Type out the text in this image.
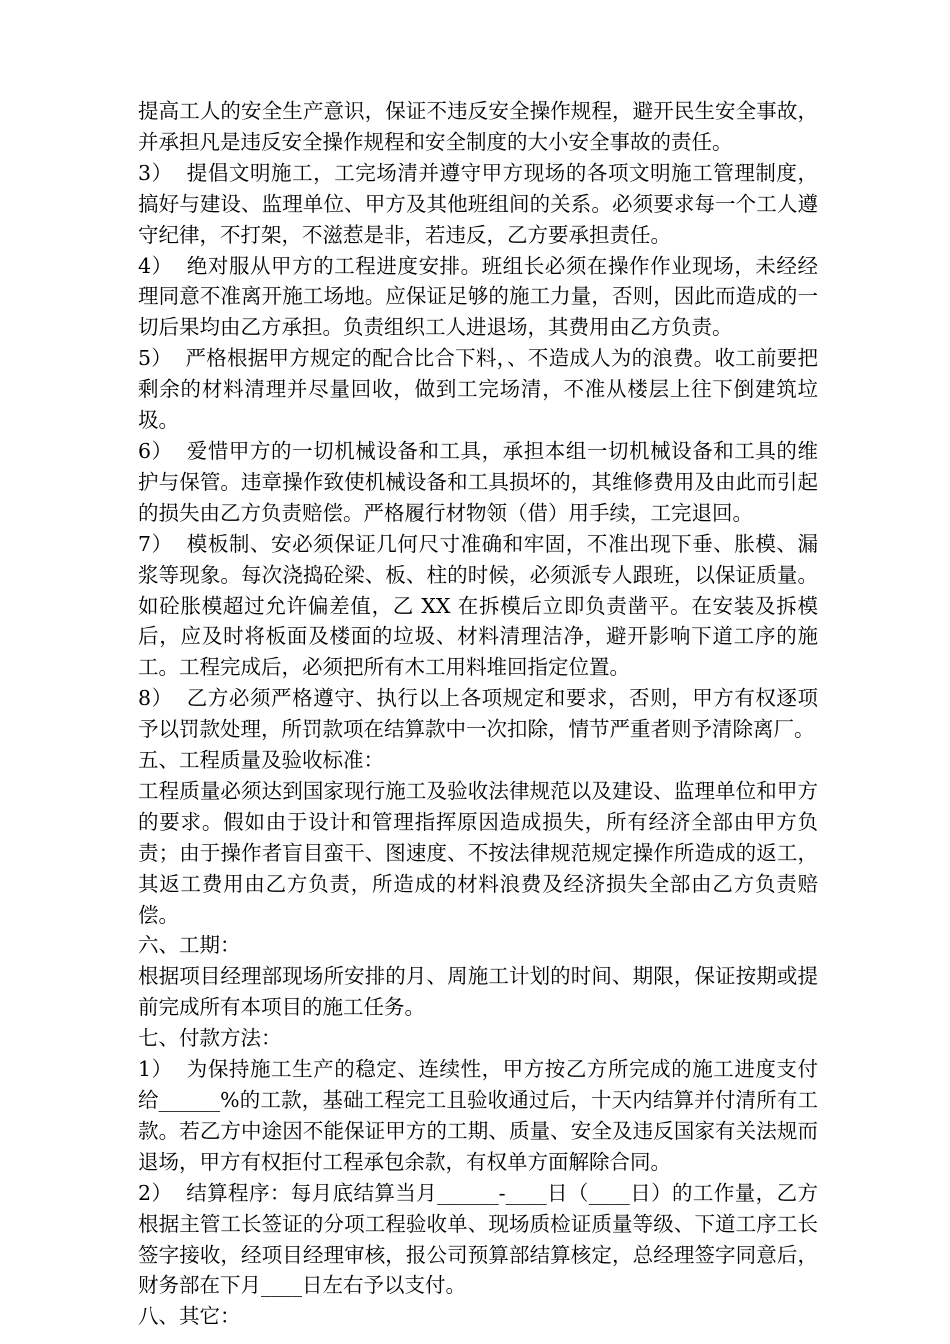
提高工人的安全生产意识，保证不违反安全操作规程，避开民生安全事故，并承担凡是违反安全操作规程和安全制度的大小安全事故的责任。

3）  提倡文明施工，工完场清并遵守甲方现场的各项文明施工管理制度，搞好与建设、监理单位、甲方及其他班组间的关系。必须要求每一个工人遵守纪律，不打架，不滋惹是非，若违反，乙方要承担责任。

4）  绝对服从甲方的工程进度安排。班组长必须在操作作业现场，未经经理同意不准离开施工场地。应保证足够的施工力量，否则，因此而造成的一切后果均由乙方承担。负责组织工人进退场，其费用由乙方负责。

5）  严格根据甲方规定的配合比合下料，、不造成人为的浪费。收工前要把剩余的材料清理并尽量回收，做到工完场清，不准从楼层上往下倒建筑垃圾。

6）  爱惜甲方的一切机械设备和工具，承担本组一切机械设备和工具的维护与保管。违章操作致使机械设备和工具损坏的，其维修费用及由此而引起的损失由乙方负责赔偿。严格履行材物领（借）用手续，工完退回。

7）  模板制、安必须保证几何尺寸准确和牢固，不准出现下垂、胀模、漏浆等现象。每次浇捣砼梁、板、柱的时候，必须派专人跟班，以保证质量。如砼胀模超过允许偏差值，乙 XX 在拆模后立即负责凿平。在安装及拆模后，应及时将板面及楼面的垃圾、材料清理洁净，避开影响下道工序的施工。工程完成后，必须把所有木工用料堆回指定位置。

8）  乙方必须严格遵守、执行以上各项规定和要求，否则，甲方有权逐项予以罚款处理，所罚款项在结算款中一次扣除，情节严重者则予清除离厂。

五、工程质量及验收标准：

工程质量必须达到国家现行施工及验收法律规范以及建设、监理单位和甲方的要求。假如由于设计和管理指挥原因造成损失，所有经济全部由甲方负责；由于操作者盲目蛮干、图速度、不按法律规范规定操作所造成的返工，其返工费用由乙方负责，所造成的材料浪费及经济损失全部由乙方负责赔偿。

六、工期：

根据项目经理部现场所安排的月、周施工计划的时间、期限，保证按期或提前完成所有本项目的施工任务。

七、付款方法：

1）  为保持施工生产的稳定、连续性，甲方按乙方所完成的施工进度支付给______%的工款，基础工程完工且验收通过后，十天内结算并付清所有工款。若乙方中途因不能保证甲方的工期、质量、安全及违反国家有关法规而退场，甲方有权拒付工程承包余款，有权单方面解除合同。

2）  结算程序：每月底结算当月______-____日（____日）的工作量，乙方根据主管工长签证的分项工程验收单、现场质检证质量等级、下道工序工长签字接收，经项目经理审核，报公司预算部结算核定，总经理签字同意后，财务部在下月____日左右予以支付。

八、其它：
